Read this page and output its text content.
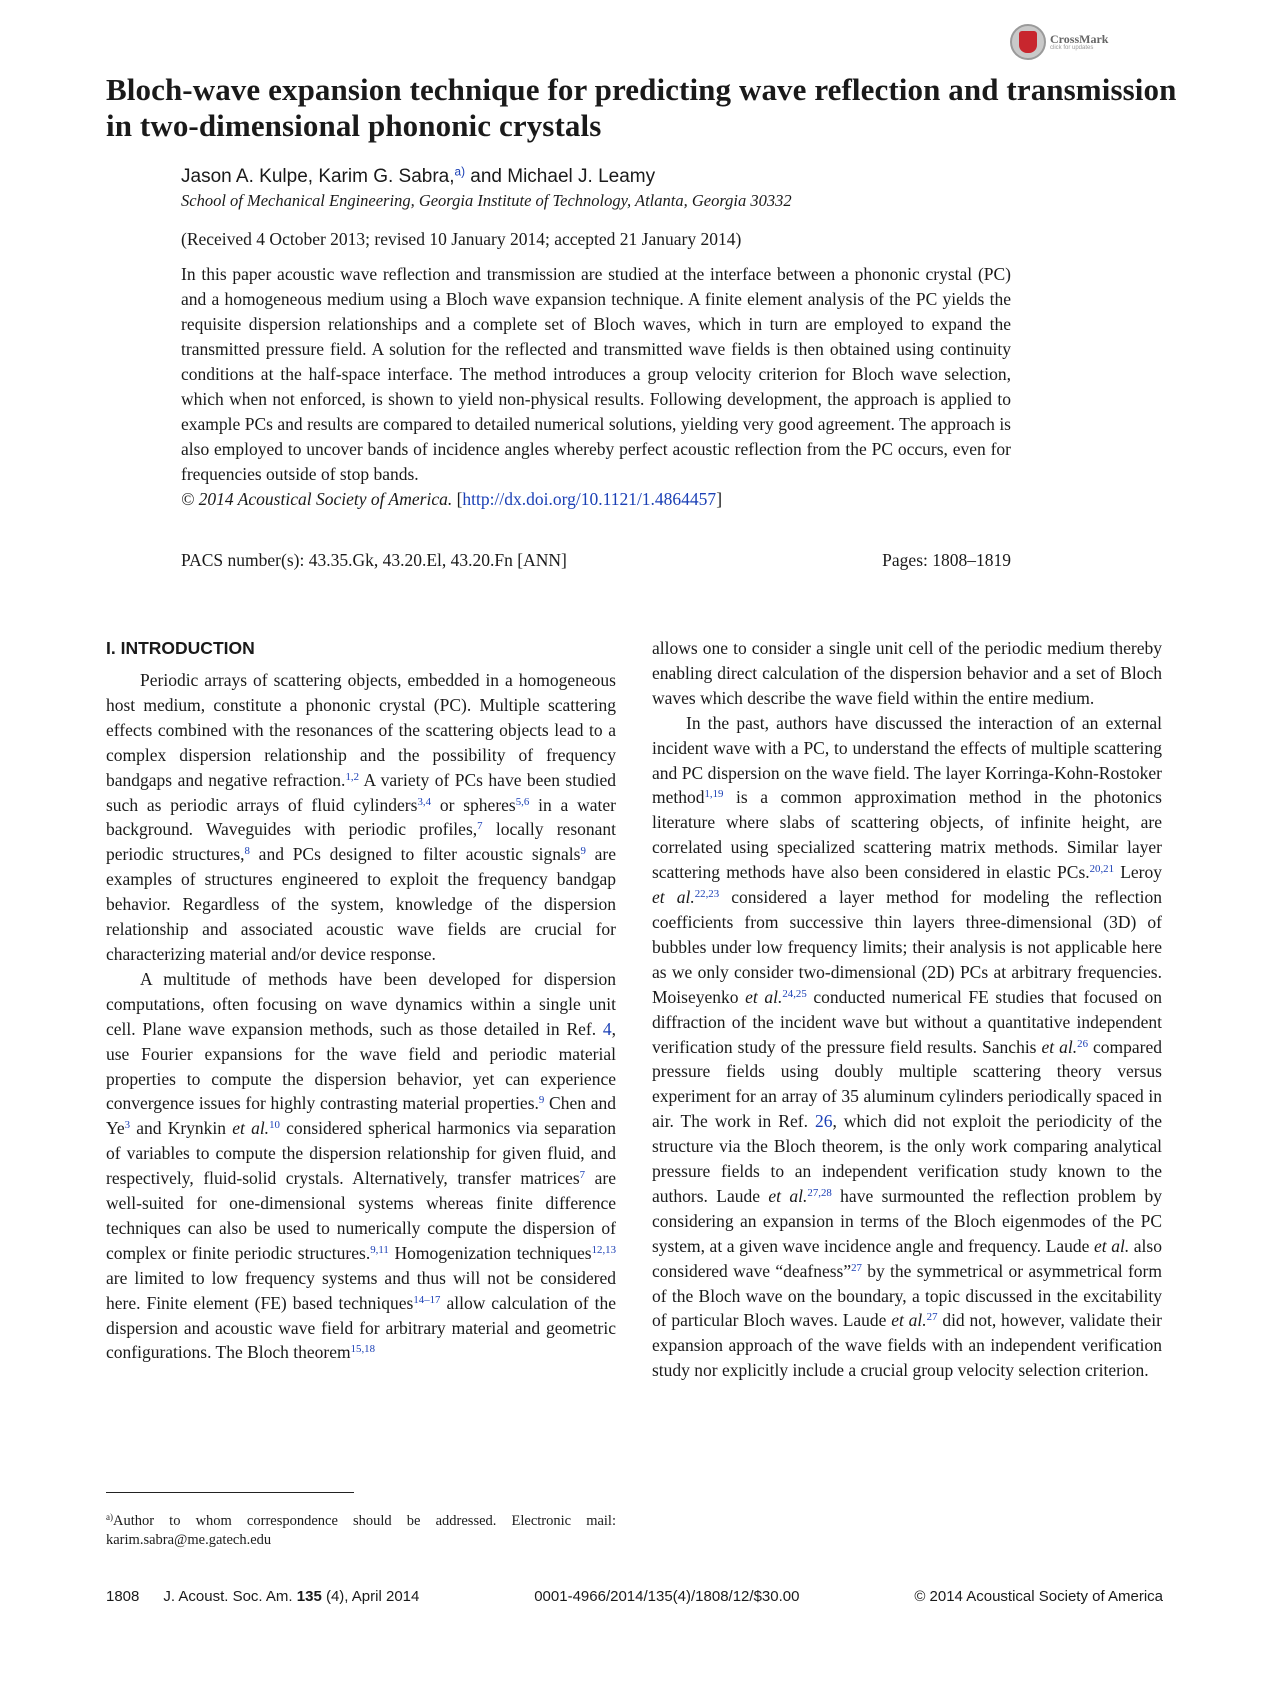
CrossMark
click for updates
Bloch-wave expansion technique for predicting wave reflection and transmission in two-dimensional phononic crystals
Jason A. Kulpe, Karim G. Sabra,$^{a)}$ and Michael J. Leamy
School of Mechanical Engineering, Georgia Institute of Technology, Atlanta, Georgia 30332
(Received 4 October 2013; revised 10 January 2014; accepted 21 January 2014)

In this paper acoustic wave reflection and transmission are studied at the interface between a phononic crystal (PC) and a homogeneous medium using a Bloch wave expansion technique. A finite element analysis of the PC yields the requisite dispersion relationships and a complete set of Bloch waves, which in turn are employed to expand the transmitted pressure field. A solution for the reflected and transmitted wave fields is then obtained using continuity conditions at the half-space interface. The method introduces a group velocity criterion for Bloch wave selection, which when not enforced, is shown to yield non-physical results. Following development, the approach is applied to example PCs and results are compared to detailed numerical solutions, yielding very good agreement. The approach is also employed to uncover bands of incidence angles whereby perfect acoustic reflection from the PC occurs, even for frequencies outside of stop bands.
© 2014 Acoustical Society of America. [http://dx.doi.org/10.1121/1.4864457]

PACS number(s): 43.35.Gk, 43.20.El, 43.20.Fn [ANN]	Pages: 1808–1819
I. INTRODUCTION

Periodic arrays of scattering objects, embedded in a homogeneous host medium, constitute a phononic crystal (PC). Multiple scattering effects combined with the resonances of the scattering objects lead to a complex dispersion relationship and the possibility of frequency bandgaps and negative refraction.$^{1,2}$ A variety of PCs have been studied such as periodic arrays of fluid cylinders$^{3,4}$ or spheres$^{5,6}$ in a water background. Waveguides with periodic profiles,$^7$ locally resonant periodic structures,$^8$ and PCs designed to filter acoustic signals$^9$ are examples of structures engineered to exploit the frequency bandgap behavior. Regardless of the system, knowledge of the dispersion relationship and associated acoustic wave fields are crucial for characterizing material and/or device response.

A multitude of methods have been developed for dispersion computations, often focusing on wave dynamics within a single unit cell. Plane wave expansion methods, such as those detailed in Ref. 4, use Fourier expansions for the wave field and periodic material properties to compute the dispersion behavior, yet can experience convergence issues for highly contrasting material properties.$^9$ Chen and Ye$^3$ and Krynkin et al.$^{10}$ considered spherical harmonics via separation of variables to compute the dispersion relationship for given fluid, and respectively, fluid-solid crystals. Alternatively, transfer matrices$^7$ are well-suited for one-dimensional systems whereas finite difference techniques can also be used to numerically compute the dispersion of complex or finite periodic structures.$^{9,11}$ Homogenization techniques$^{12,13}$ are limited to low frequency systems and thus will not be considered here. Finite element (FE) based techniques$^{14-17}$ allow calculation of the dispersion and acoustic wave field for arbitrary material and geometric configurations. The Bloch theorem$^{15,18}$

allows one to consider a single unit cell of the periodic medium thereby enabling direct calculation of the dispersion behavior and a set of Bloch waves which describe the wave field within the entire medium.

In the past, authors have discussed the interaction of an external incident wave with a PC, to understand the effects of multiple scattering and PC dispersion on the wave field. The layer Korringa-Kohn-Rostoker method$^{1,19}$ is a common approximation method in the photonics literature where slabs of scattering objects, of infinite height, are correlated using specialized scattering matrix methods. Similar layer scattering methods have also been considered in elastic PCs.$^{20,21}$ Leroy et al.$^{22,23}$ considered a layer method for modeling the reflection coefficients from successive thin layers three-dimensional (3D) of bubbles under low frequency limits; their analysis is not applicable here as we only consider two-dimensional (2D) PCs at arbitrary frequencies. Moiseyenko et al.$^{24,25}$ conducted numerical FE studies that focused on diffraction of the incident wave but without a quantitative independent verification study of the pressure field results. Sanchis et al.$^{26}$ compared pressure fields using doubly multiple scattering theory versus experiment for an array of 35 aluminum cylinders periodically spaced in air. The work in Ref. 26, which did not exploit the periodicity of the structure via the Bloch theorem, is the only work comparing analytical pressure fields to an independent verification study known to the authors. Laude et al.$^{27,28}$ have surmounted the reflection problem by considering an expansion in terms of the Bloch eigenmodes of the PC system, at a given wave incidence angle and frequency. Laude et al. also considered wave “deafness”$^{27}$ by the symmetrical or asymmetrical form of the Bloch wave on the boundary, a topic discussed in the excitability of particular Bloch waves. Laude et al.$^{27}$ did not, however, validate their expansion approach of the wave fields with an independent verification study nor explicitly include a crucial group velocity selection criterion.

$^{a)}$Author to whom correspondence should be addressed. Electronic mail: karim.sabra@me.gatech.edu

1808 J. Acoust. Soc. Am. 135 (4), April 2014	0001-4966/2014/135(4)/1808/12/$30.00	© 2014 Acoustical Society of America
